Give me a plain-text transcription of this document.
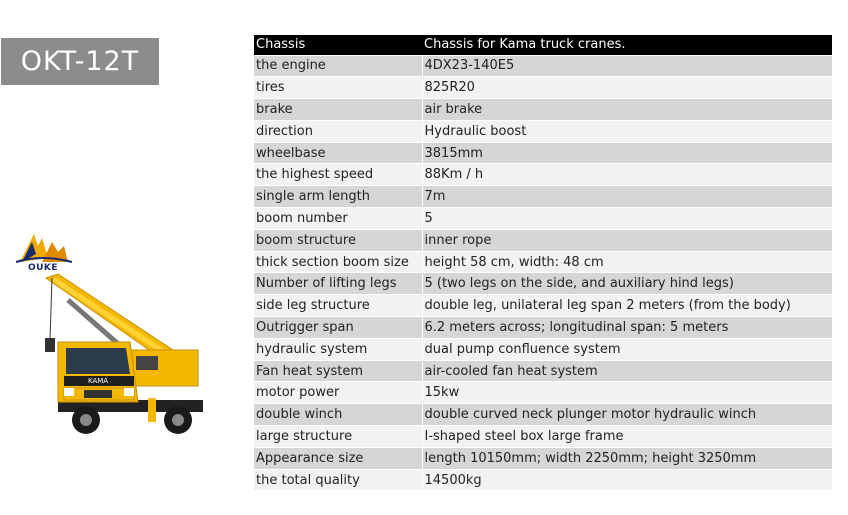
OKT-12T
OUKE
KAMA
Chassis	Chassis for Kama truck cranes.
the engine	4DX23-140E5
tires	825R20
brake	air brake
direction	Hydraulic boost
wheelbase	3815mm
the highest speed	88Km / h
single arm length	7m
boom number	5
boom structure	inner rope
thick section boom size	height 58 cm, width: 48 cm
Number of lifting legs	5 (two legs on the side, and auxiliary hind legs)
side leg structure	double leg, unilateral leg span 2 meters (from the body)
Outrigger span	6.2 meters across; longitudinal span: 5 meters
hydraulic system	dual pump confluence system
Fan heat system	air-cooled fan heat system
motor power	15kw
double winch	double curved neck plunger motor hydraulic winch
large structure	I-shaped steel box large frame
Appearance size	length 10150mm; width 2250mm; height 3250mm
the total quality	14500kg
